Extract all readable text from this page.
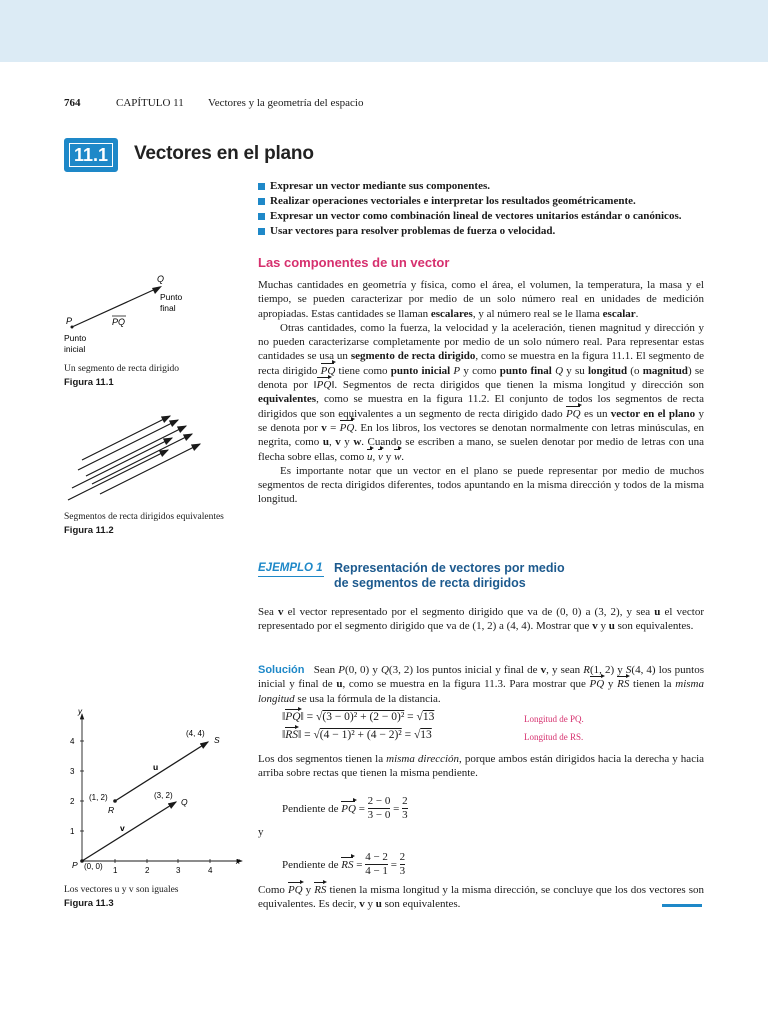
764	CAPÍTULO 11 Vectores y la geometría del espacio
11.1 Vectores en el plano
Expresar un vector mediante sus componentes.
Realizar operaciones vectoriales e interpretar los resultados geométricamente.
Expresar un vector como combinación lineal de vectores unitarios estándar o canónicos.
Usar vectores para resolver problemas de fuerza o velocidad.
Las componentes de un vector

Muchas cantidades en geometría y física, como el área, el volumen, la temperatura, la masa y el tiempo, se pueden caracterizar por medio de un solo número real en unidades de medición apropiadas. Estas cantidades se llaman escalares, y al número real se le llama escalar.

Otras cantidades, como la fuerza, la velocidad y la aceleración, tienen magnitud y dirección y no pueden caracterizarse completamente por medio de un solo número real. Para representar estas cantidades se usa un segmento de recta dirigido, como se muestra en la figura 11.1. El segmento de recta dirigido PQ tiene como punto inicial P y como punto final Q y su longitud (o magnitud) se denota por ‖PQ‖. Segmentos de recta dirigidos que tienen la misma longitud y dirección son equivalentes, como se muestra en la figura 11.2. El conjunto de todos los segmentos de recta dirigidos que son equivalentes a un segmento de recta dirigido dado PQ es un vector en el plano y se denota por v = PQ. En los libros, los vectores se denotan normalmente con letras minúsculas, en negrita, como u, v y w. Cuando se escriben a mano, se suelen denotar por medio de letras con una flecha sobre ellas, como u, v y w.

Es importante notar que un vector en el plano se puede representar por medio de muchos segmentos de recta dirigidos diferentes, todos apuntando en la misma dirección y todos de la misma longitud.

Q
P	PQ
Punto
final
Punto
inicial
Un segmento de recta dirigido
Figura 11.1
Segmentos de recta dirigidos equivalentes
Figura 11.2
EJEMPLO 1 Representación de vectores por medio
de segmentos de recta dirigidos

Sea v el vector representado por el segmento dirigido que va de (0, 0) a (3, 2), y sea u el vector representado por el segmento dirigido que va de (1, 2) a (4, 4). Mostrar que v y u son equivalentes.

Solución   Sean P(0, 0) y Q(3, 2) los puntos inicial y final de v, y sean R(1, 2) y S(4, 4) los puntos inicial y final de u, como se muestra en la figura 11.3. Para mostrar que PQ y RS tienen la misma longitud se usa la fórmula de la distancia.

‖PQ‖ = √(3 − 0)² + (2 − 0)² = √13	Longitud de PQ.
‖RS‖ = √(4 − 1)² + (4 − 2)² = √13	Longitud de RS.

Los dos segmentos tienen la misma dirección, porque ambos están dirigidos hacia la derecha y hacia arriba sobre rectas que tienen la misma pendiente.

Pendiente de
PQ =
2 − 0
3 − 0
=
2
3
y
Pendiente de
RS =
4 − 2
4 − 1
=
2
3

Como PQ y RS tienen la misma longitud y la misma dirección, se concluye que los dos vectores son equivalentes. Es decir, v y u son equivalentes.

x
y
1
2
3
4
1	2	3	4
P (0, 0)
Q
(3, 2)
R
(1, 2)
S
(4, 4)
u
v
Los vectores u y v son iguales
Figura 11.3
